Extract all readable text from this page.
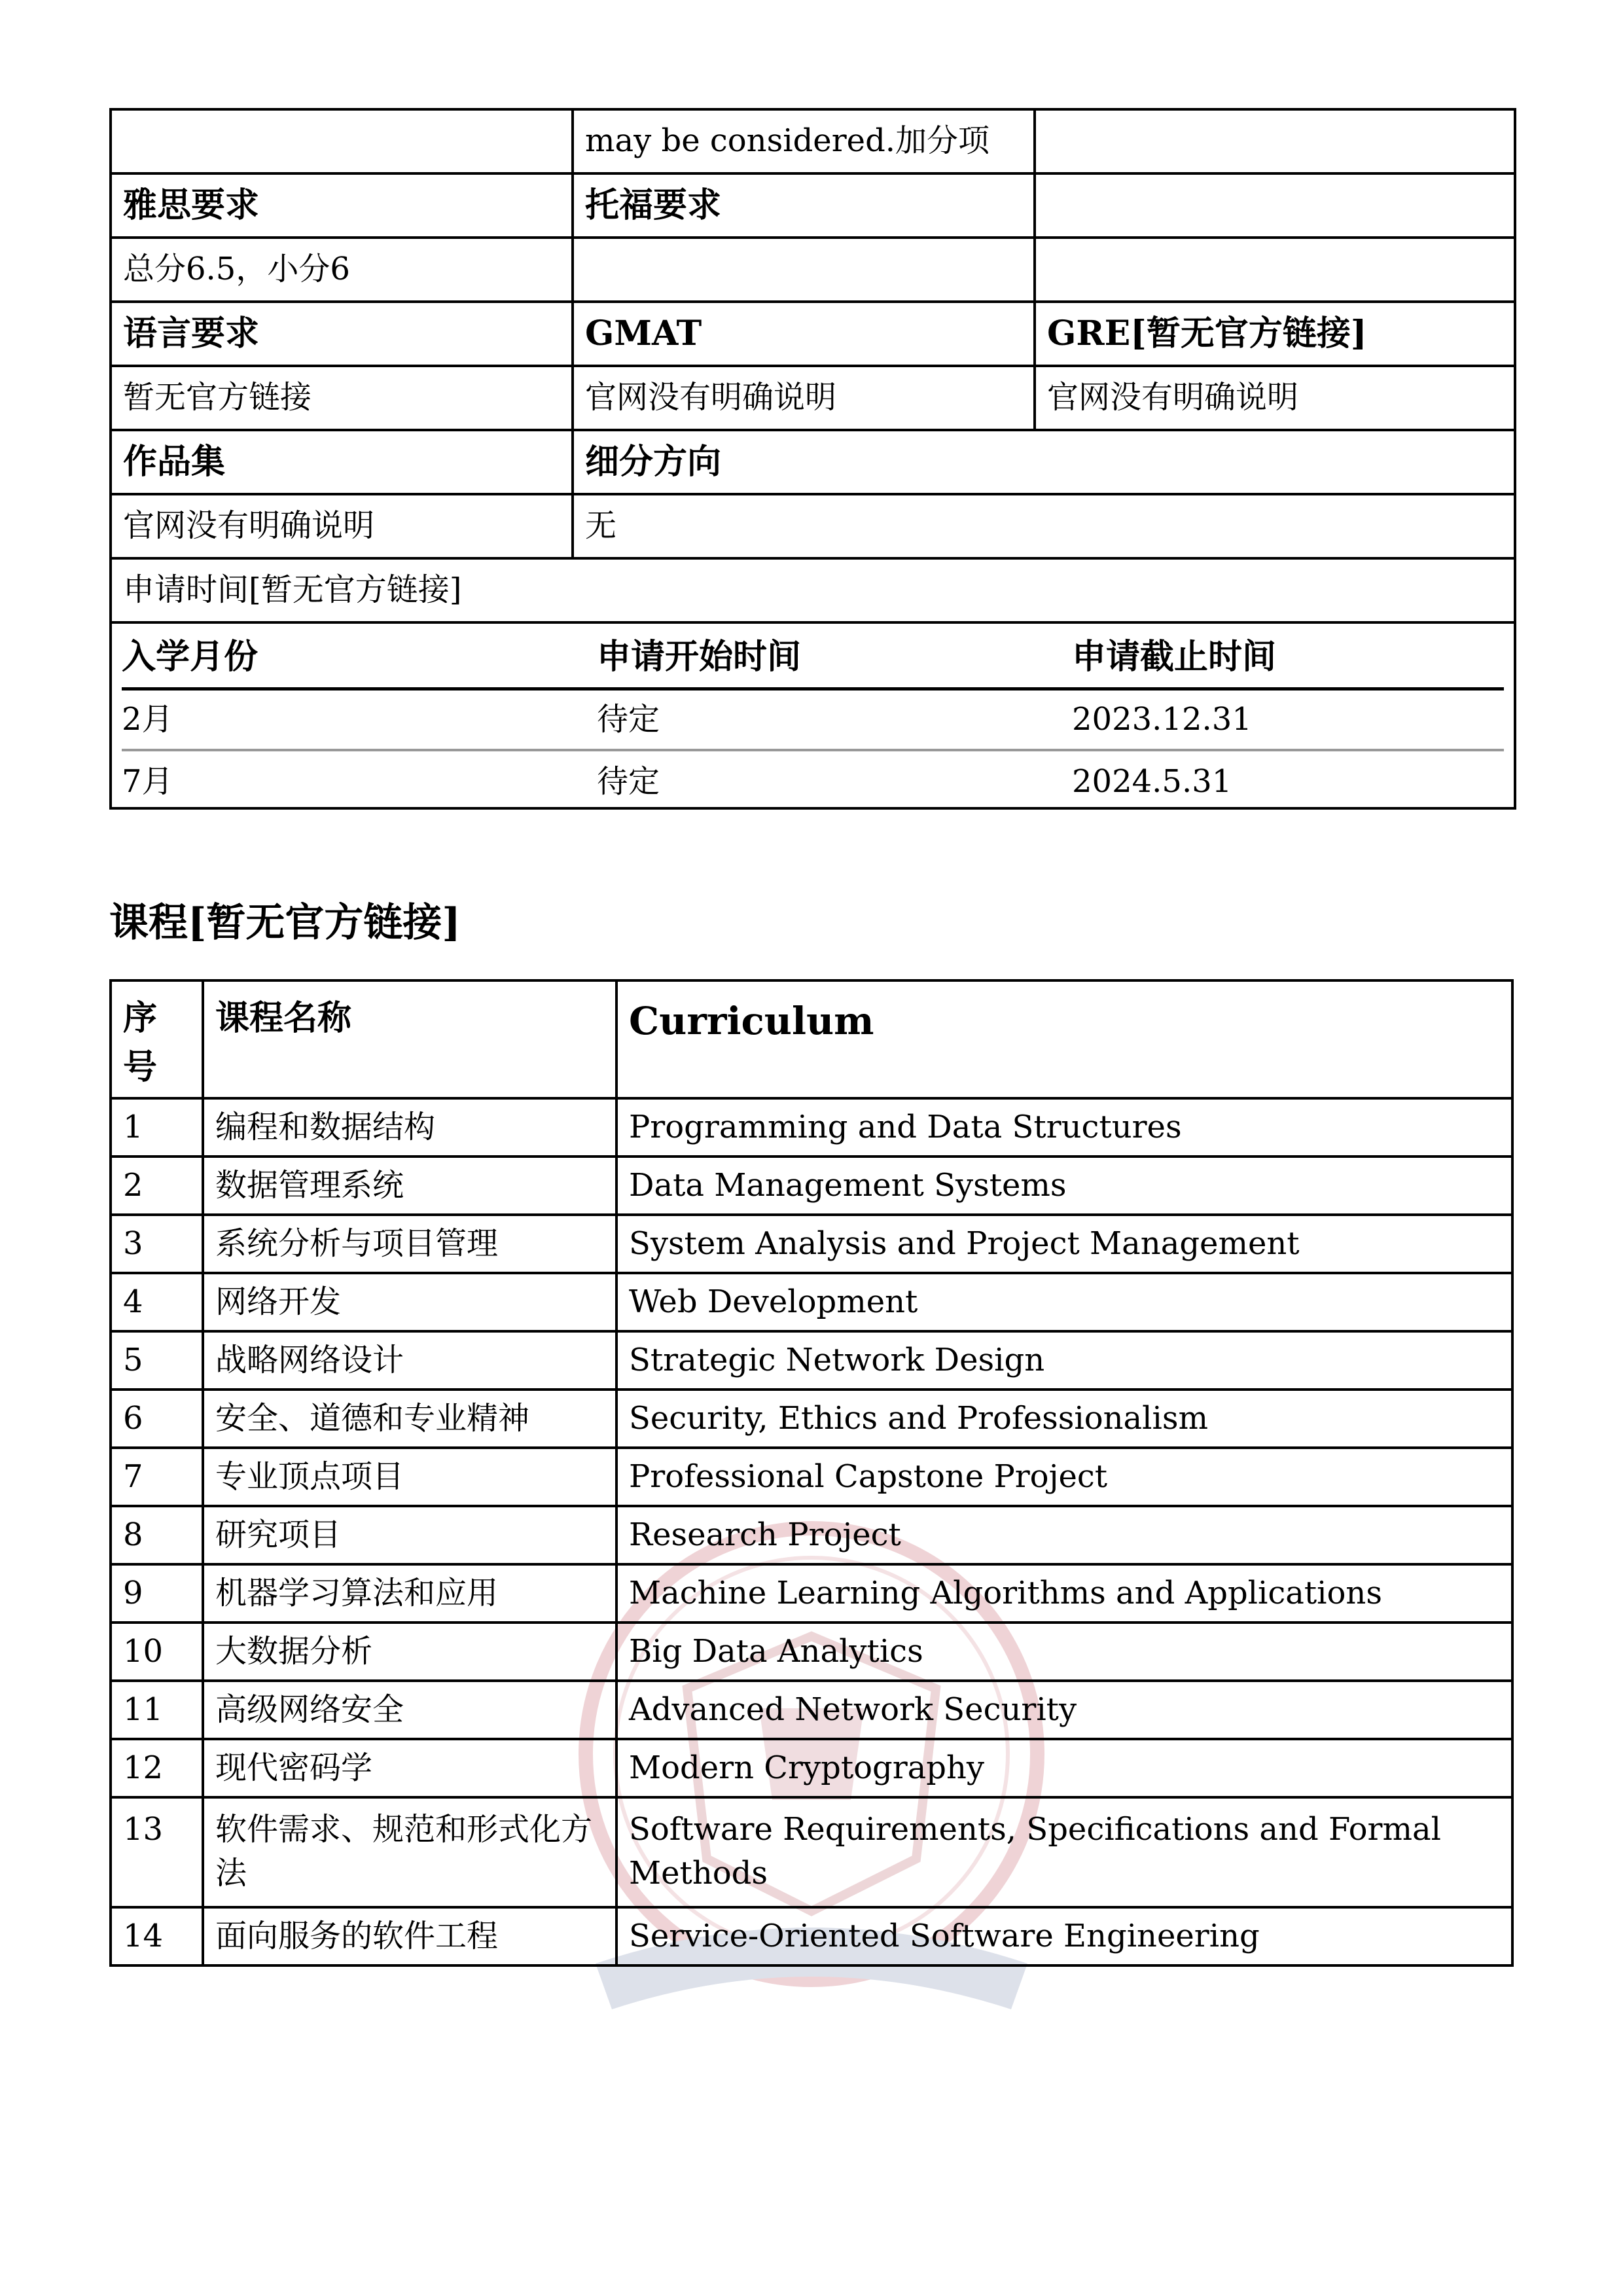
	may be considered.加分项	
雅思要求	托福要求	
总分6.5，小分6		
语言要求	GMAT	GRE[暂无官方链接]
暂无官方链接	官网没有明确说明	官网没有明确说明
作品集	细分方向
官网没有明确说明	无
申请时间[暂无官方链接]

入学月份	申请开始时间	申请截止时间
2月	待定	2023.12.31
7月	待定	2024.5.31
课程[暂无官方链接]
序号	课程名称	Curriculum
1	编程和数据结构	Programming and Data Structures
2	数据管理系统	Data Management Systems
3	系统分析与项目管理	System Analysis and Project Management
4	网络开发	Web Development
5	战略网络设计	Strategic Network Design
6	安全、道德和专业精神	Security, Ethics and Professionalism
7	专业顶点项目	Professional Capstone Project
8	研究项目	Research Project
9	机器学习算法和应用	Machine Learning Algorithms and Applications
10	大数据分析	Big Data Analytics
11	高级网络安全	Advanced Network Security
12	现代密码学	Modern Cryptography
13	软件需求、规范和形式化方法	Software Requirements, Specifications and Formal Methods
14	面向服务的软件工程	Service-Oriented Software Engineering
